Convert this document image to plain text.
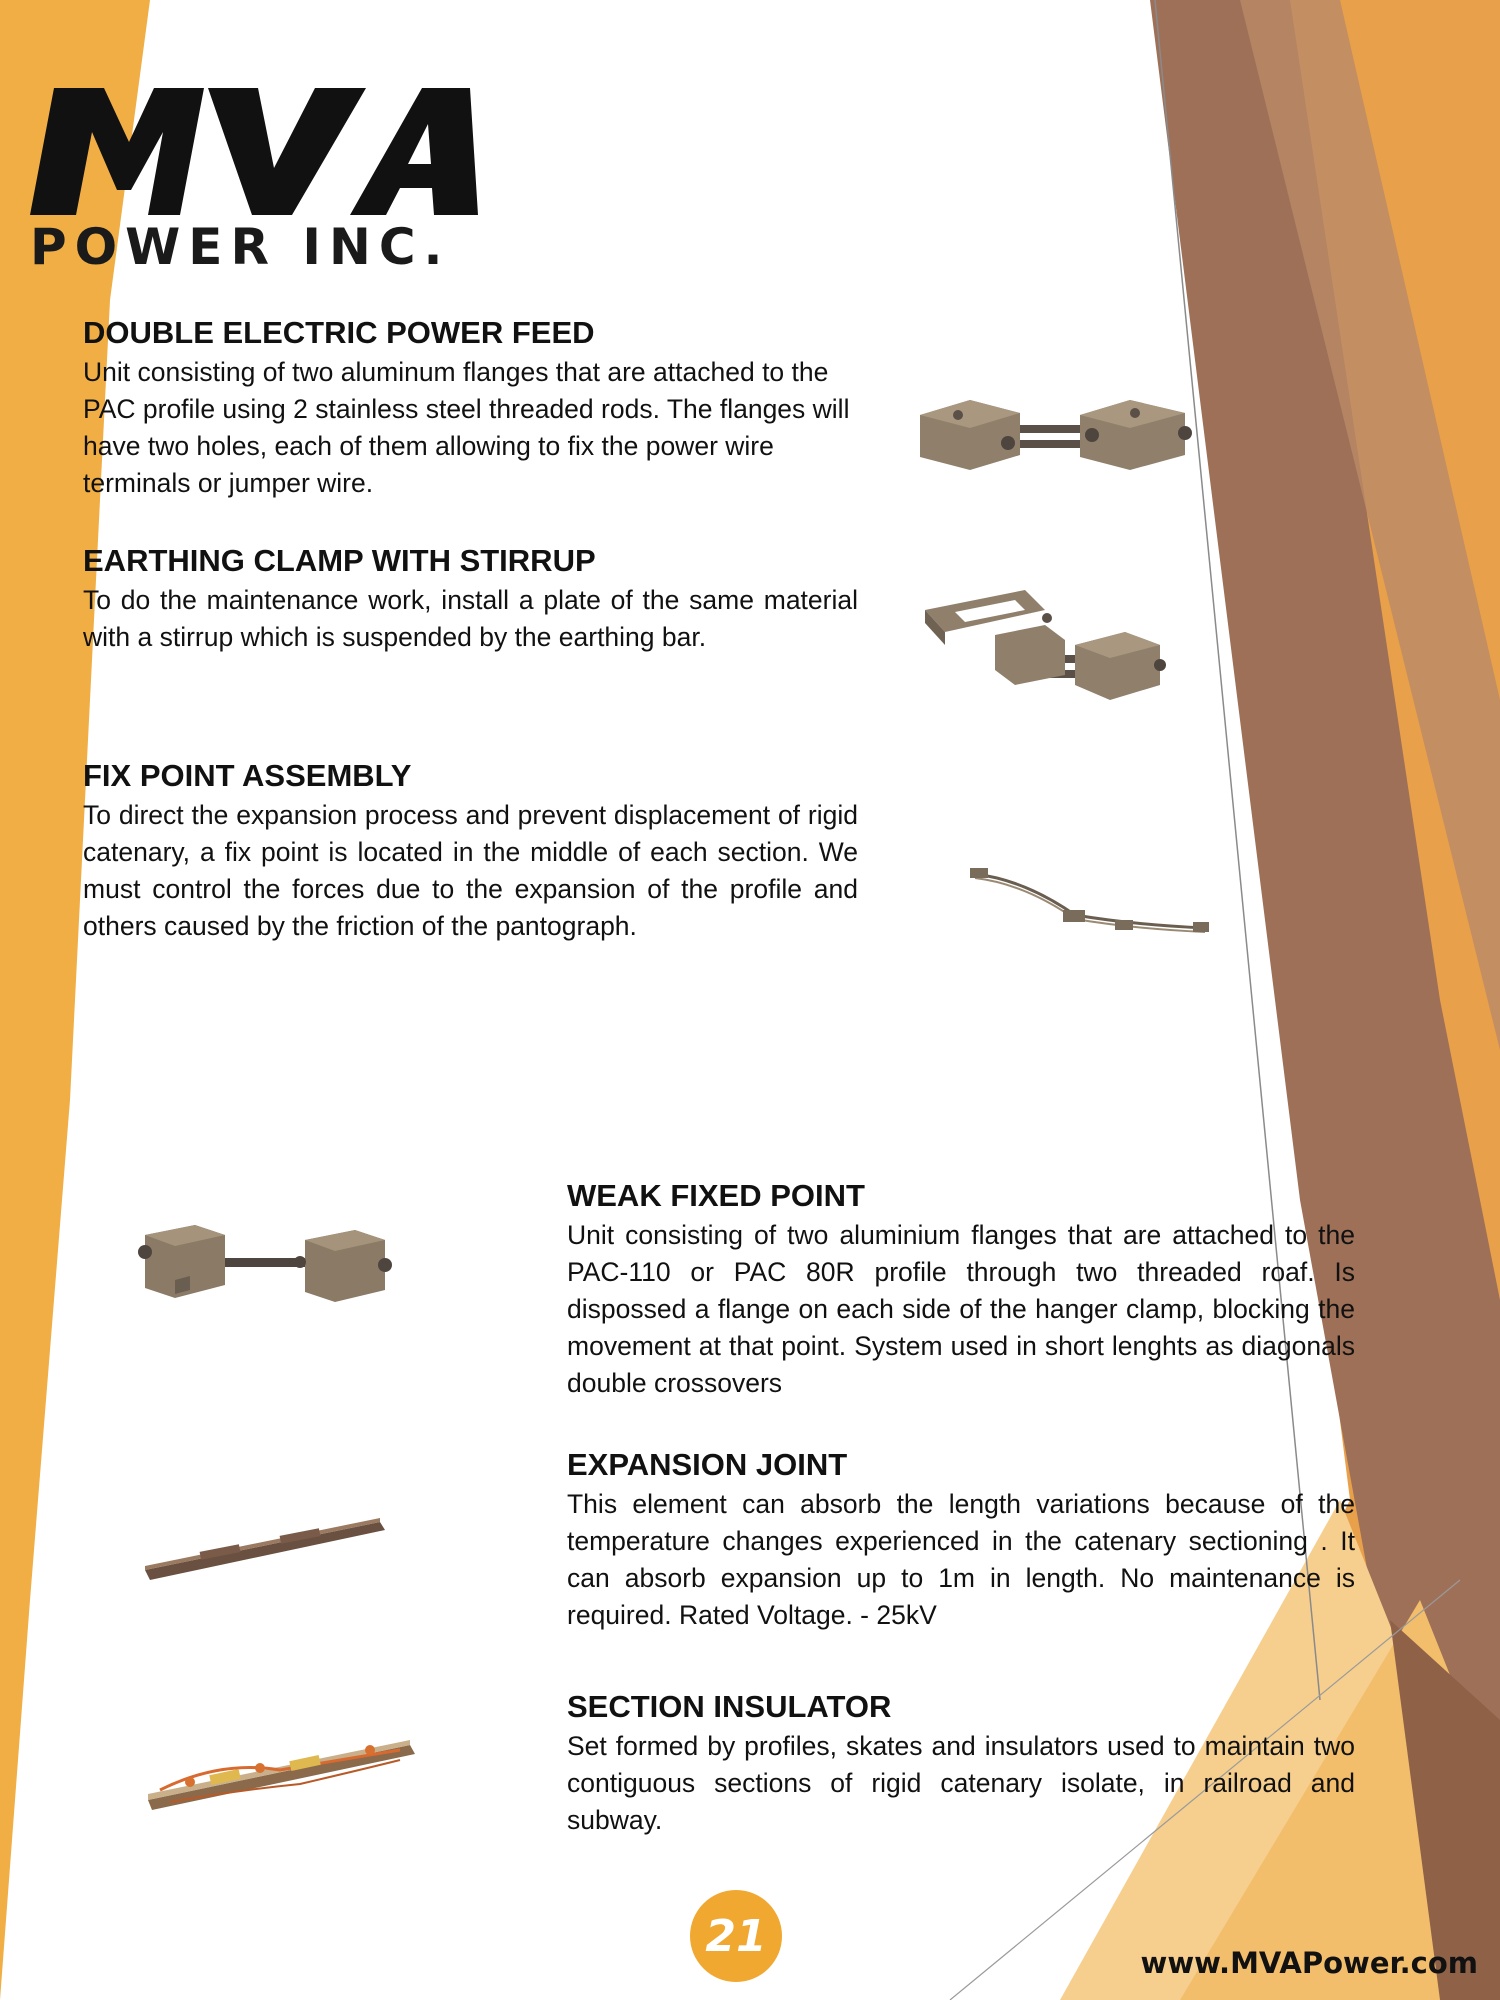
POWER INC.
DOUBLE ELECTRIC POWER FEED

Unit consisting of two aluminum flanges that are attached to the PAC profile using 2 stainless steel threaded rods. The flanges will have two holes, each of them allowing to fix the power wire terminals or jumper wire.

EARTHING CLAMP WITH STIRRUP

To do the maintenance work, install a plate of the same material with a stirrup which is suspended by the earthing bar.

FIX POINT ASSEMBLY

To direct the expansion process and prevent displacement of rigid catenary, a fix point is located in the middle of each section. We must control the forces due to the expansion of the profile and others caused by the friction of the pantograph.

WEAK FIXED POINT

Unit consisting of two aluminium flanges that are attached to the PAC-110 or PAC 80R profile through two threaded roaf. Is dispossed a flange on each side of the hanger clamp, blocking the movement at that point. System used in short lenghts as diagonals double crossovers

EXPANSION JOINT

This element can absorb the length variations because of the temperature changes experienced in the catenary sectioning . It can absorb expansion up to 1m in length. No maintenance is required. Rated Voltage. - 25kV

SECTION INSULATOR

Set formed by profiles, skates and insulators used to maintain two contiguous sections of rigid catenary isolate, in railroad and subway.

21
www.MVAPower.com
